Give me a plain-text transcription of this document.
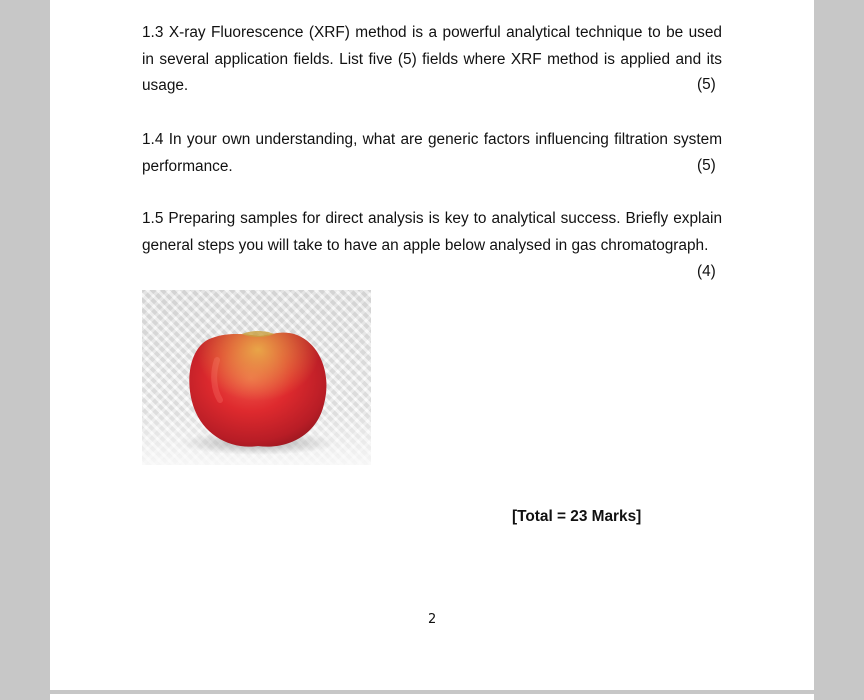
1.3 X-ray Fluorescence (XRF) method is a powerful analytical technique to be used in several application fields. List five (5) fields where XRF method is applied and its usage.	(5)

1.4 In your own understanding, what are generic factors influencing filtration system performance.	(5)

1.5 Preparing samples for direct analysis is key to analytical success. Briefly explain general steps you will take to have an apple below analysed in gas chromatograph.

(4)
[Total = 23 Marks]
2
